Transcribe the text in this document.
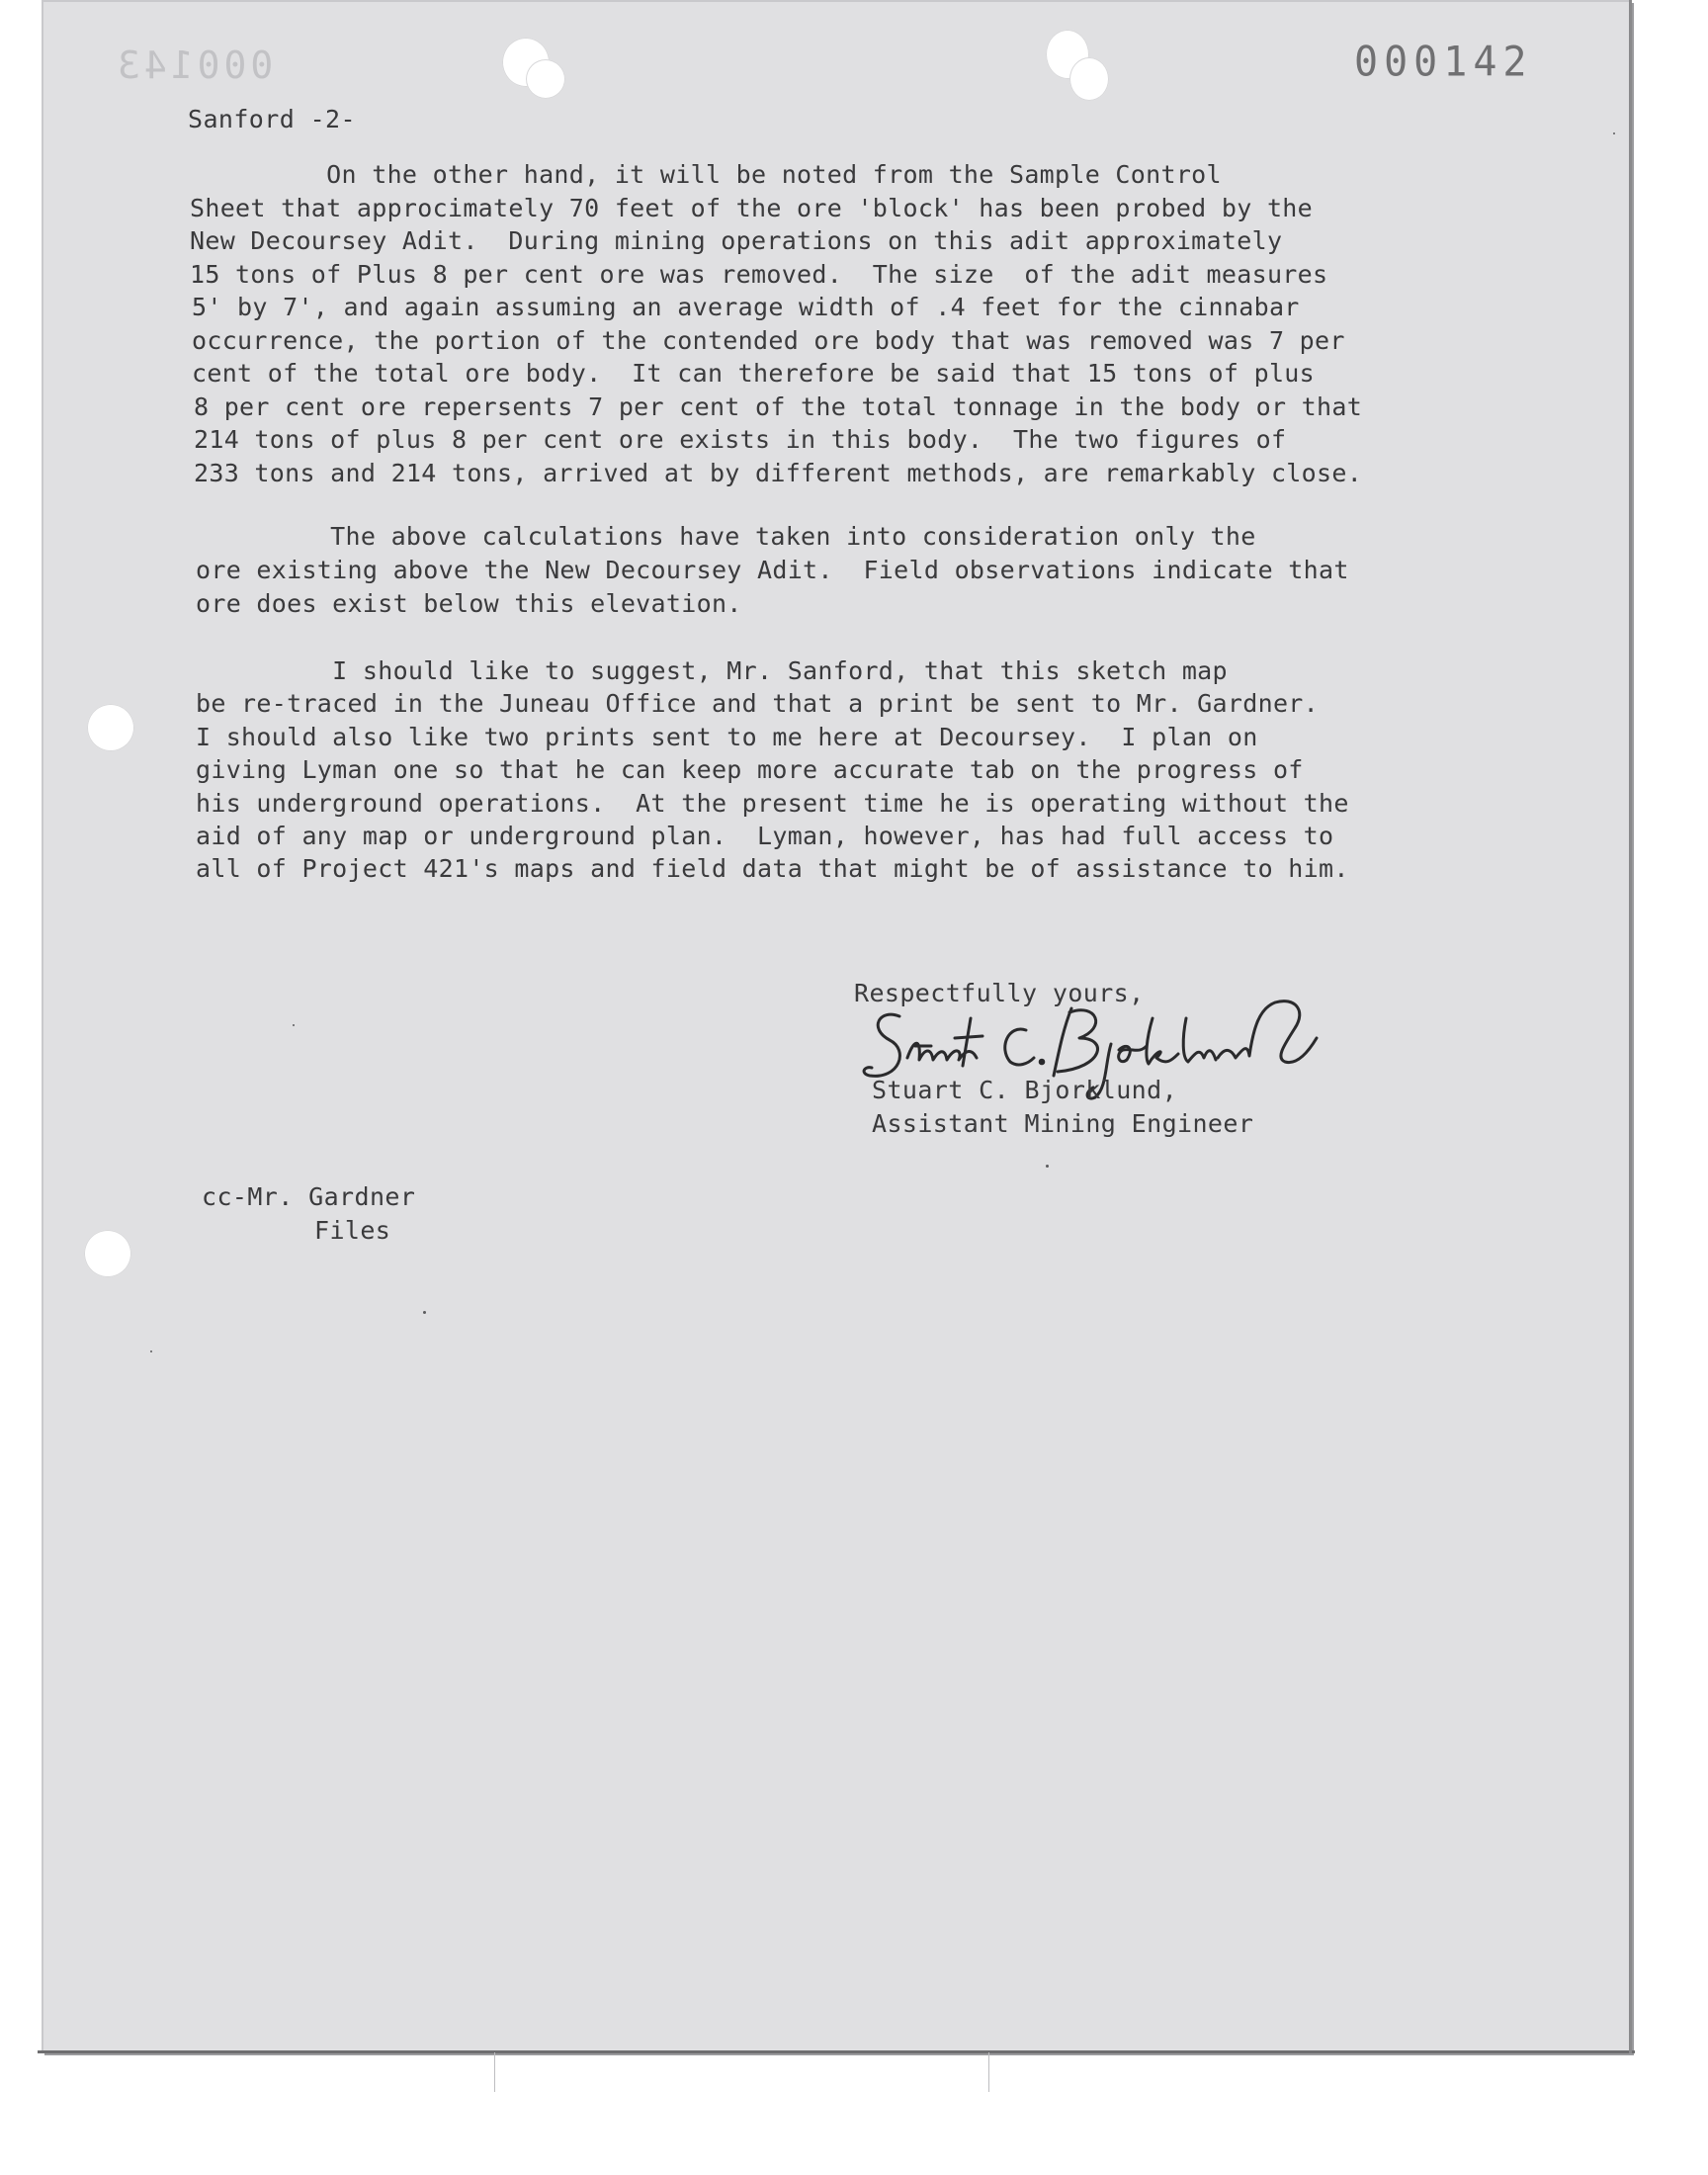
000143	000142
Sanford -2-
On the other hand, it will be noted from the Sample Control
Sheet that approcimately 70 feet of the ore 'block' has been probed by the
New Decoursey Adit.  During mining operations on this adit approximately
15 tons of Plus 8 per cent ore was removed.  The size  of the adit measures
5' by 7', and again assuming an average width of .4 feet for the cinnabar
occurrence, the portion of the contended ore body that was removed was 7 per
cent of the total ore body.  It can therefore be said that 15 tons of plus
8 per cent ore repersents 7 per cent of the total tonnage in the body or that
214 tons of plus 8 per cent ore exists in this body.  The two figures of
233 tons and 214 tons, arrived at by different methods, are remarkably close.
The above calculations have taken into consideration only the
ore existing above the New Decoursey Adit.  Field observations indicate that
ore does exist below this elevation.
I should like to suggest, Mr. Sanford, that this sketch map
be re-traced in the Juneau Office and that a print be sent to Mr. Gardner.
I should also like two prints sent to me here at Decoursey.  I plan on
giving Lyman one so that he can keep more accurate tab on the progress of
his underground operations.  At the present time he is operating without the
aid of any map or underground plan.  Lyman, however, has had full access to
all of Project 421's maps and field data that might be of assistance to him.
Respectfully yours,
Stuart C. Bjorklund,
Assistant Mining Engineer
cc-Mr. Gardner
Files
